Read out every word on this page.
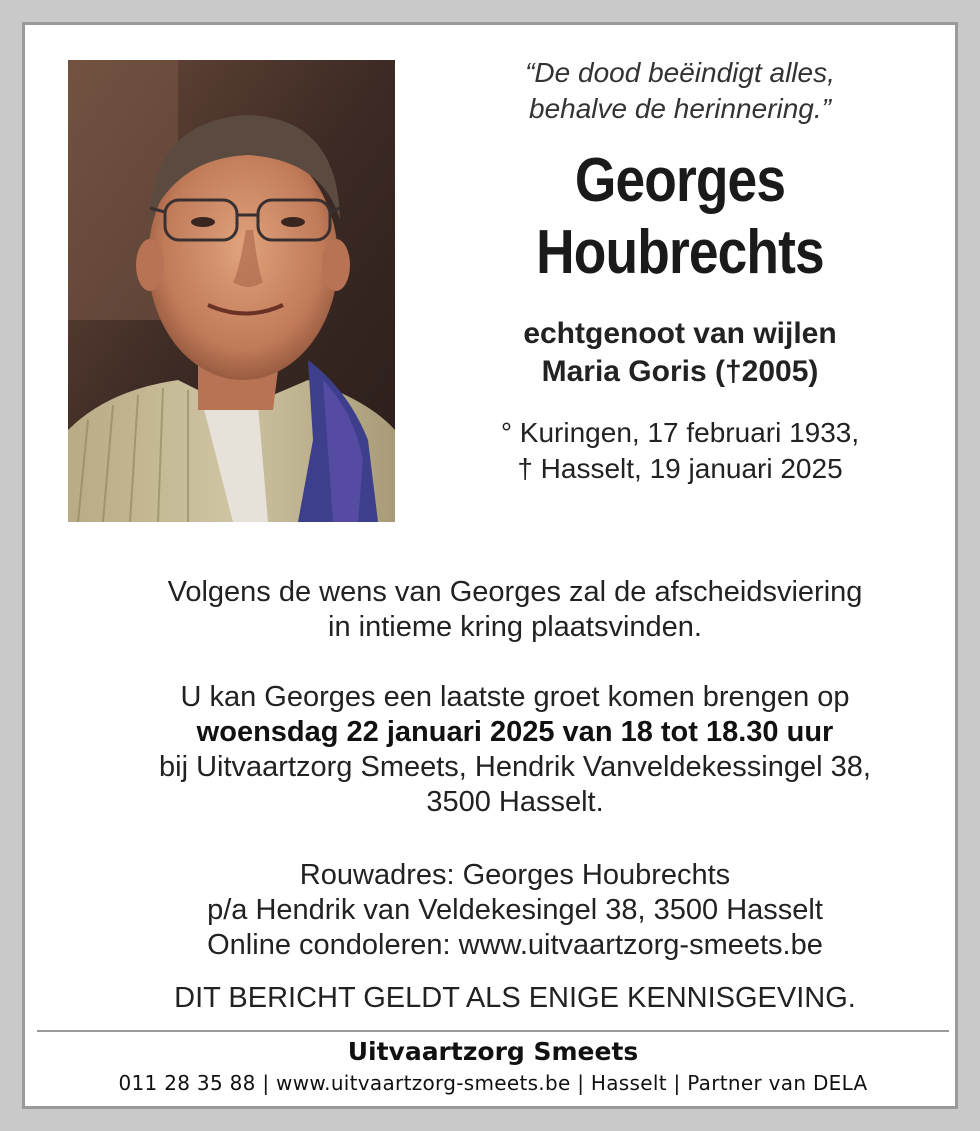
“De dood beëindigt alles,
behalve de herinnering.”

Georges
Houbrechts
echtgenoot van wijlen
Maria Goris (†2005)
° Kuringen, 17 februari 1933,
† Hasselt, 19 januari 2025
Volgens de wens van Georges zal de afscheidsviering
in intieme kring plaatsvinden.
U kan Georges een laatste groet komen brengen op
woensdag 22 januari 2025 van 18 tot 18.30 uur
bij Uitvaartzorg Smeets, Hendrik Vanveldekessingel 38,
3500 Hasselt.
Rouwadres: Georges Houbrechts
p/a Hendrik van Veldekesingel 38, 3500 Hasselt
Online condoleren: www.uitvaartzorg-smeets.be
DIT BERICHT GELDT ALS ENIGE KENNISGEVING.
Uitvaartzorg Smeets
011 28 35 88 | www.uitvaartzorg-smeets.be | Hasselt | Partner van DELA
